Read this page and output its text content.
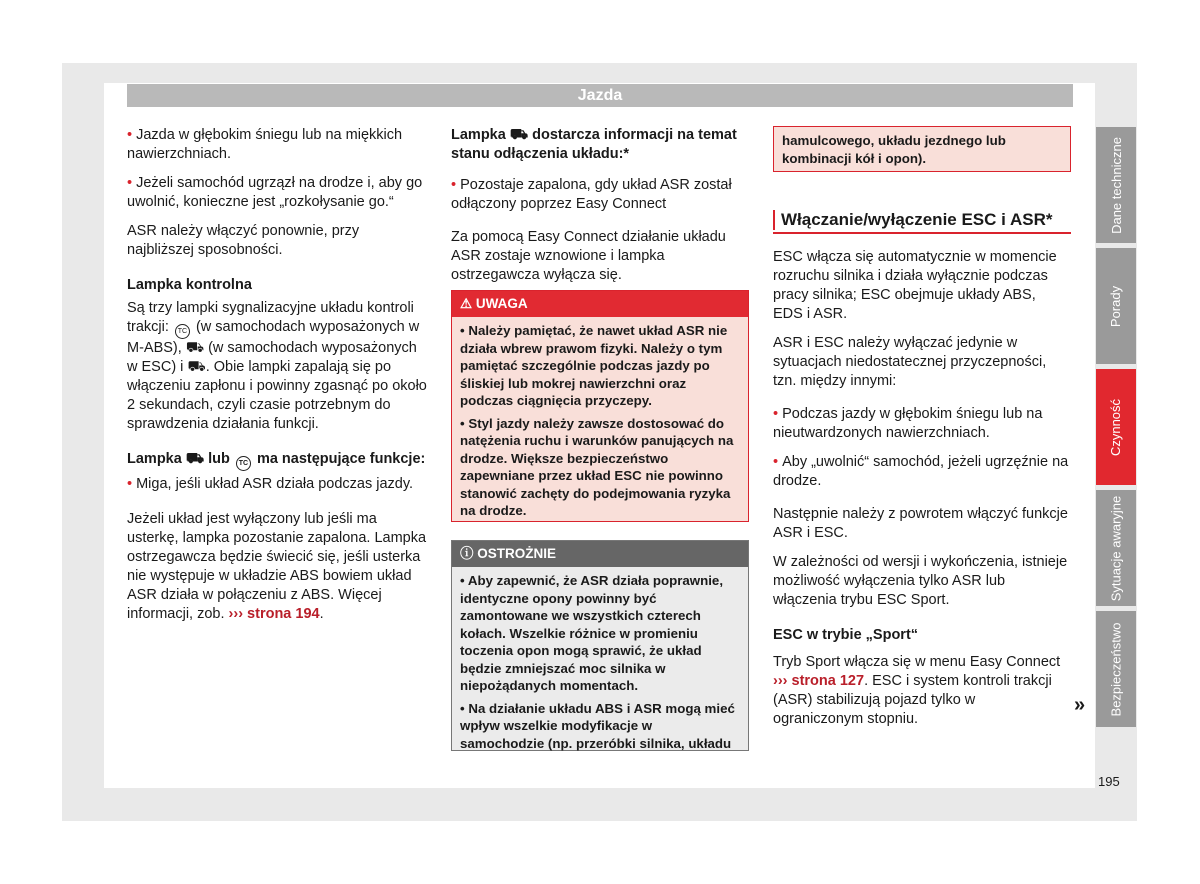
Jazda

• Jazda w głębokim śniegu lub na miękkich nawierzchniach.

• Jeżeli samochód ugrzązł na drodze i, aby go uwolnić, konieczne jest „rozkołysanie go.“

ASR należy włączyć ponownie, przy najbliższej sposobności.

Lampka kontrolna

Są trzy lampki sygnalizacyjne układu kontroli trakcji: TC (w samochodach wyposażonych w M-ABS), ⛟ (w samochodach wyposażonych w ESC) i ⛟. Obie lampki zapalają się po włączeniu zapłonu i powinny zgasnąć po około 2 sekundach, czyli czasie potrzebnym do sprawdzenia działania funkcji.

Lampka ⛟ lub TC ma następujące funkcje:

• Miga, jeśli układ ASR działa podczas jazdy.

Jeżeli układ jest wyłączony lub jeśli ma usterkę, lampka pozostanie zapalona. Lampka ostrzegawcza będzie świecić się, jeśli usterka nie występuje w układzie ABS bowiem układ ASR działa w połączeniu z ABS. Więcej informacji, zob. ››› strona 194.

Lampka ⛟ dostarcza informacji na temat stanu odłączenia układu:*

• Pozostaje zapalona, gdy układ ASR został odłączony poprzez Easy Connect

Za pomocą Easy Connect działanie układu ASR zostaje wznowione i lampka ostrzegawcza wyłącza się.

⚠ UWAGA

• Należy pamiętać, że nawet układ ASR nie działa wbrew prawom fizyki. Należy o tym pamiętać szczególnie podczas jazdy po śliskiej lub mokrej nawierzchni oraz podczas ciągnięcia przyczepy.

• Styl jazdy należy zawsze dostosować do natężenia ruchu i warunków panujących na drodze. Większe bezpieczeństwo zapewniane przez układ ESC nie powinno stanowić zachęty do podejmowania ryzyka na drodze.

ⓘ OSTROŻNIE

• Aby zapewnić, że ASR działa poprawnie, identyczne opony powinny być zamontowane we wszystkich czterech kołach. Wszelkie różnice w promieniu toczenia opon mogą sprawić, że układ będzie zmniejszać moc silnika w niepożądanych momentach.

• Na działanie układu ABS i ASR mogą mieć wpływ wszelkie modyfikacje w samochodzie (np. przeróbki silnika, układu

hamulcowego, układu jezdnego lub kombinacji kół i opon).
Włączanie/wyłączenie ESC i ASR*

ESC włącza się automatycznie w momencie rozruchu silnika i działa wyłącznie podczas pracy silnika; ESC obejmuje układy ABS, EDS i ASR.

ASR i ESC należy wyłączać jedynie w sytuacjach niedostatecznej przyczepności, tzn. między innymi:

• Podczas jazdy w głębokim śniegu lub na nieutwardzonych nawierzchniach.

• Aby „uwolnić“ samochód, jeżeli ugrzęźnie na drodze.

Następnie należy z powrotem włączyć funkcje ASR i ESC.

W zależności od wersji i wykończenia, istnieje możliwość wyłączenia tylko ASR lub włączenia trybu ESC Sport.

ESC w trybie „Sport“

Tryb Sport włącza się w menu Easy Connect ››› strona 127. ESC i system kontroli trakcji (ASR) stabilizują pojazd tylko w ograniczonym stopniu.

»
Dane techniczne
Porady
Czynność
Sytuacje awaryjne
Bezpieczeństwo
195
